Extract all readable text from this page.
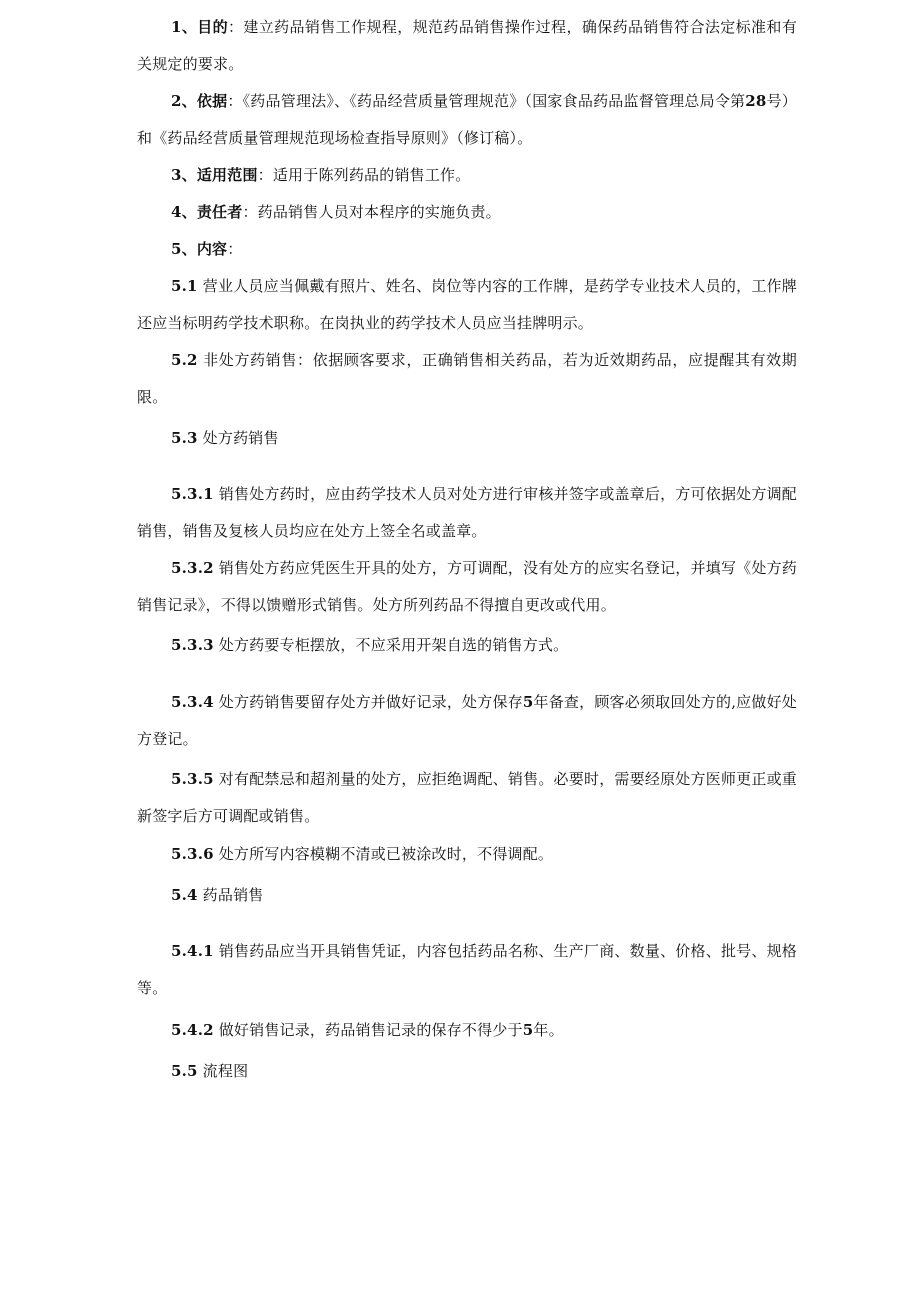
1、目的：建立药品销售工作规程，规范药品销售操作过程，确保药品销售符合法定标准和有关规定的要求。

2、依据：《药品管理法》、《药品经营质量管理规范》（国家食品药品监督管理总局令第28号）和《药品经营质量管理规范现场检查指导原则》（修订稿）。

3、适用范围：适用于陈列药品的销售工作。

4、责任者：药品销售人员对本程序的实施负责。

5、内容：

5.1 营业人员应当佩戴有照片、姓名、岗位等内容的工作牌，是药学专业技术人员的，工作牌还应当标明药学技术职称。在岗执业的药学技术人员应当挂牌明示。

5.2 非处方药销售：依据顾客要求，正确销售相关药品，若为近效期药品，应提醒其有效期限。

5.3 处方药销售

5.3.1 销售处方药时，应由药学技术人员对处方进行审核并签字或盖章后，方可依据处方调配销售，销售及复核人员均应在处方上签全名或盖章。

5.3.2 销售处方药应凭医生开具的处方，方可调配，没有处方的应实名登记，并填写《处方药销售记录》，不得以馈赠形式销售。处方所列药品不得擅自更改或代用。

5.3.3 处方药要专柜摆放，不应采用开架自选的销售方式。

5.3.4 处方药销售要留存处方并做好记录，处方保存5年备查，顾客必须取回处方的,应做好处方登记。

5.3.5 对有配禁忌和超剂量的处方，应拒绝调配、销售。必要时，需要经原处方医师更正或重新签字后方可调配或销售。

5.3.6 处方所写内容模糊不清或已被涂改时，不得调配。

5.4 药品销售

5.4.1 销售药品应当开具销售凭证，内容包括药品名称、生产厂商、数量、价格、批号、规格等。

5.4.2 做好销售记录，药品销售记录的保存不得少于5年。

5.5 流程图
